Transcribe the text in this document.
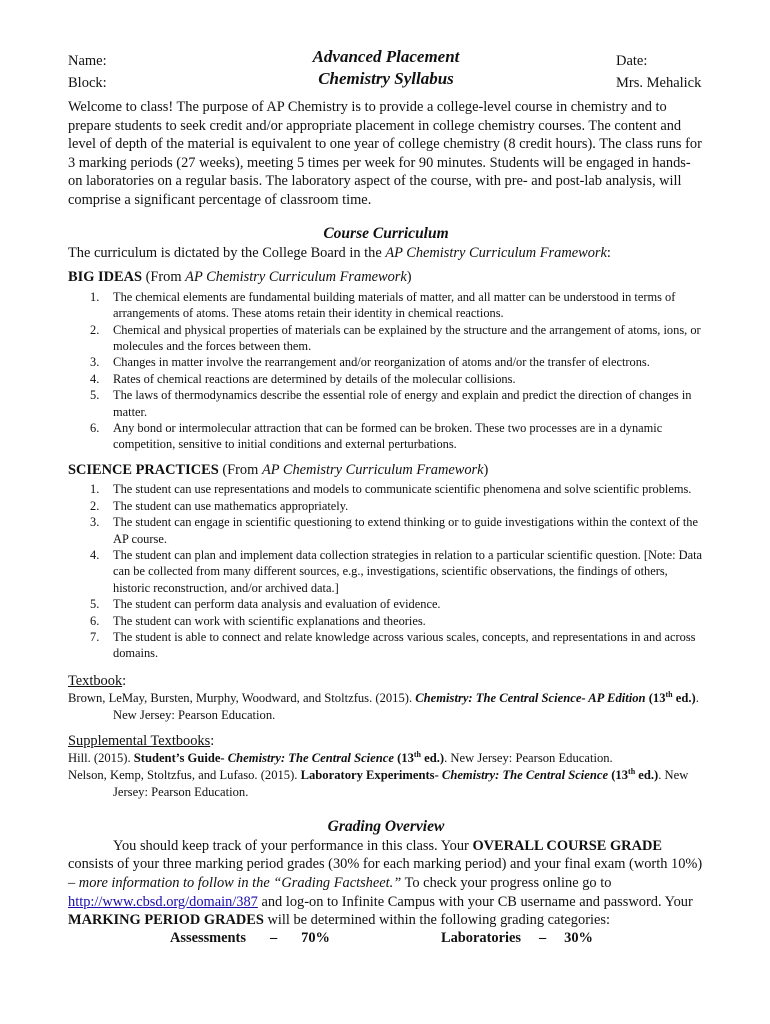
Name:
Block:
Advanced Placement
Chemistry Syllabus
Date:
Mrs. Mehalick

Welcome to class! The purpose of AP Chemistry is to provide a college-level course in chemistry and to prepare students to seek credit and/or appropriate placement in college chemistry courses. The content and level of depth of the material is equivalent to one year of college chemistry (8 credit hours). The class runs for 3 marking periods (27 weeks), meeting 5 times per week for 90 minutes. Students will be engaged in hands-on laboratories on a regular basis. The laboratory aspect of the course, with pre- and post-lab analysis, will comprise a significant percentage of classroom time.

Course Curriculum

The curriculum is dictated by the College Board in the AP Chemistry Curriculum Framework:

BIG IDEAS (From AP Chemistry Curriculum Framework)
1. The chemical elements are fundamental building materials of matter, and all matter can be understood in terms of arrangements of atoms. These atoms retain their identity in chemical reactions.
2. Chemical and physical properties of materials can be explained by the structure and the arrangement of atoms, ions, or molecules and the forces between them.
3. Changes in matter involve the rearrangement and/or reorganization of atoms and/or the transfer of electrons.
4. Rates of chemical reactions are determined by details of the molecular collisions.
5. The laws of thermodynamics describe the essential role of energy and explain and predict the direction of changes in matter.
6. Any bond or intermolecular attraction that can be formed can be broken. These two processes are in a dynamic competition, sensitive to initial conditions and external perturbations.
SCIENCE PRACTICES (From AP Chemistry Curriculum Framework)
1. The student can use representations and models to communicate scientific phenomena and solve scientific problems.
2. The student can use mathematics appropriately.
3. The student can engage in scientific questioning to extend thinking or to guide investigations within the context of the AP course.
4. The student can plan and implement data collection strategies in relation to a particular scientific question. [Note: Data can be collected from many different sources, e.g., investigations, scientific observations, the findings of others, historic reconstruction, and/or archived data.]
5. The student can perform data analysis and evaluation of evidence.
6. The student can work with scientific explanations and theories.
7. The student is able to connect and relate knowledge across various scales, concepts, and representations in and across domains.
Textbook:

Brown, LeMay, Bursten, Murphy, Woodward, and Stoltzfus. (2015). Chemistry: The Central Science- AP Edition (13th ed.). New Jersey: Pearson Education.

Supplemental Textbooks:

Hill. (2015). Student’s Guide- Chemistry: The Central Science (13th ed.). New Jersey: Pearson Education.

Nelson, Kemp, Stoltzfus, and Lufaso. (2015). Laboratory Experiments- Chemistry: The Central Science (13th ed.). New Jersey: Pearson Education.

Grading Overview

You should keep track of your performance in this class. Your OVERALL COURSE GRADE consists of your three marking period grades (30% for each marking period) and your final exam (worth 10%) – more information to follow in the “Grading Factsheet.” To check your progress online go to http://www.cbsd.org/domain/387 and log-on to Infinite Campus with your CB username and password. Your MARKING PERIOD GRADES will be determined within the following grading categories:

Assessments – 70%	Laboratories – 30%
